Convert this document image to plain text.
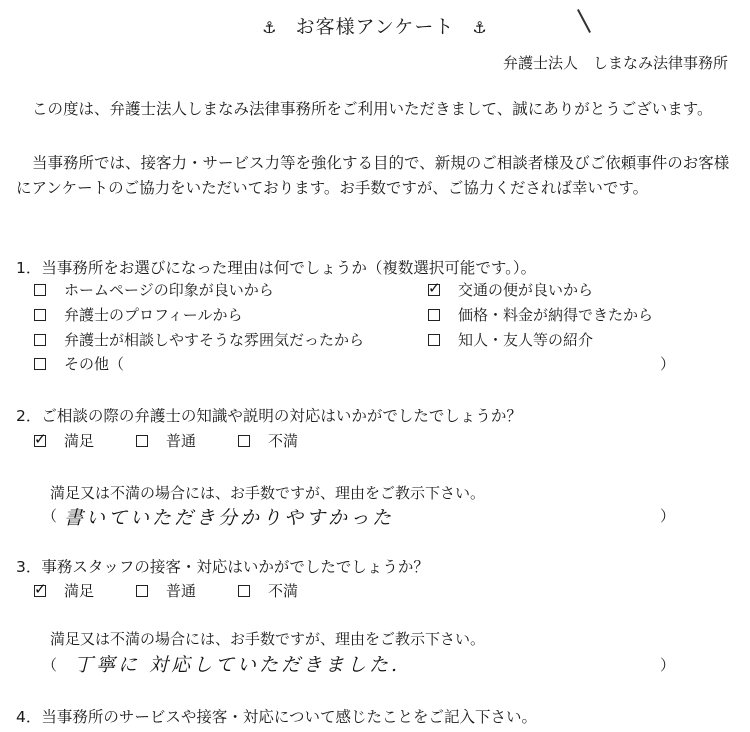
⚓ お客様アンケート ⚓
弁護士法人　しまなみ法律事務所

この度は、弁護士法人しまなみ法律事務所をご利用いただきまして、誠にありがとうございます。

当事務所では、接客力・サービス力等を強化する目的で、新規のご相談者様及びご依頼事件のお客様にアンケートのご協力をいただいております。お手数ですが、ご協力くだされば幸いです。

1．当事務所をお選びになった理由は何でしょうか（複数選択可能です。）。
ホームページの印象が良いから
✓	交通の便が良いから
弁護士のプロフィールから	価格・料金が納得できたから
弁護士が相談しやすそうな雰囲気だったから	知人・友人等の紹介
その他（	）
2．ご相談の際の弁護士の知識や説明の対応はいかがでしたでしょうか？
✓
満足	普通	不満
満足又は不満の場合には、お手数ですが、理由をご教示下さい。
（ 書いていただき分かりやすかった	）
3．事務スタッフの接客・対応はいかがでしたでしょうか？
✓
満足	普通	不満
満足又は不満の場合には、お手数ですが、理由をご教示下さい。
（ 丁寧に 対応していただきました.	）
4．当事務所のサービスや接客・対応について感じたことをご記入下さい。
